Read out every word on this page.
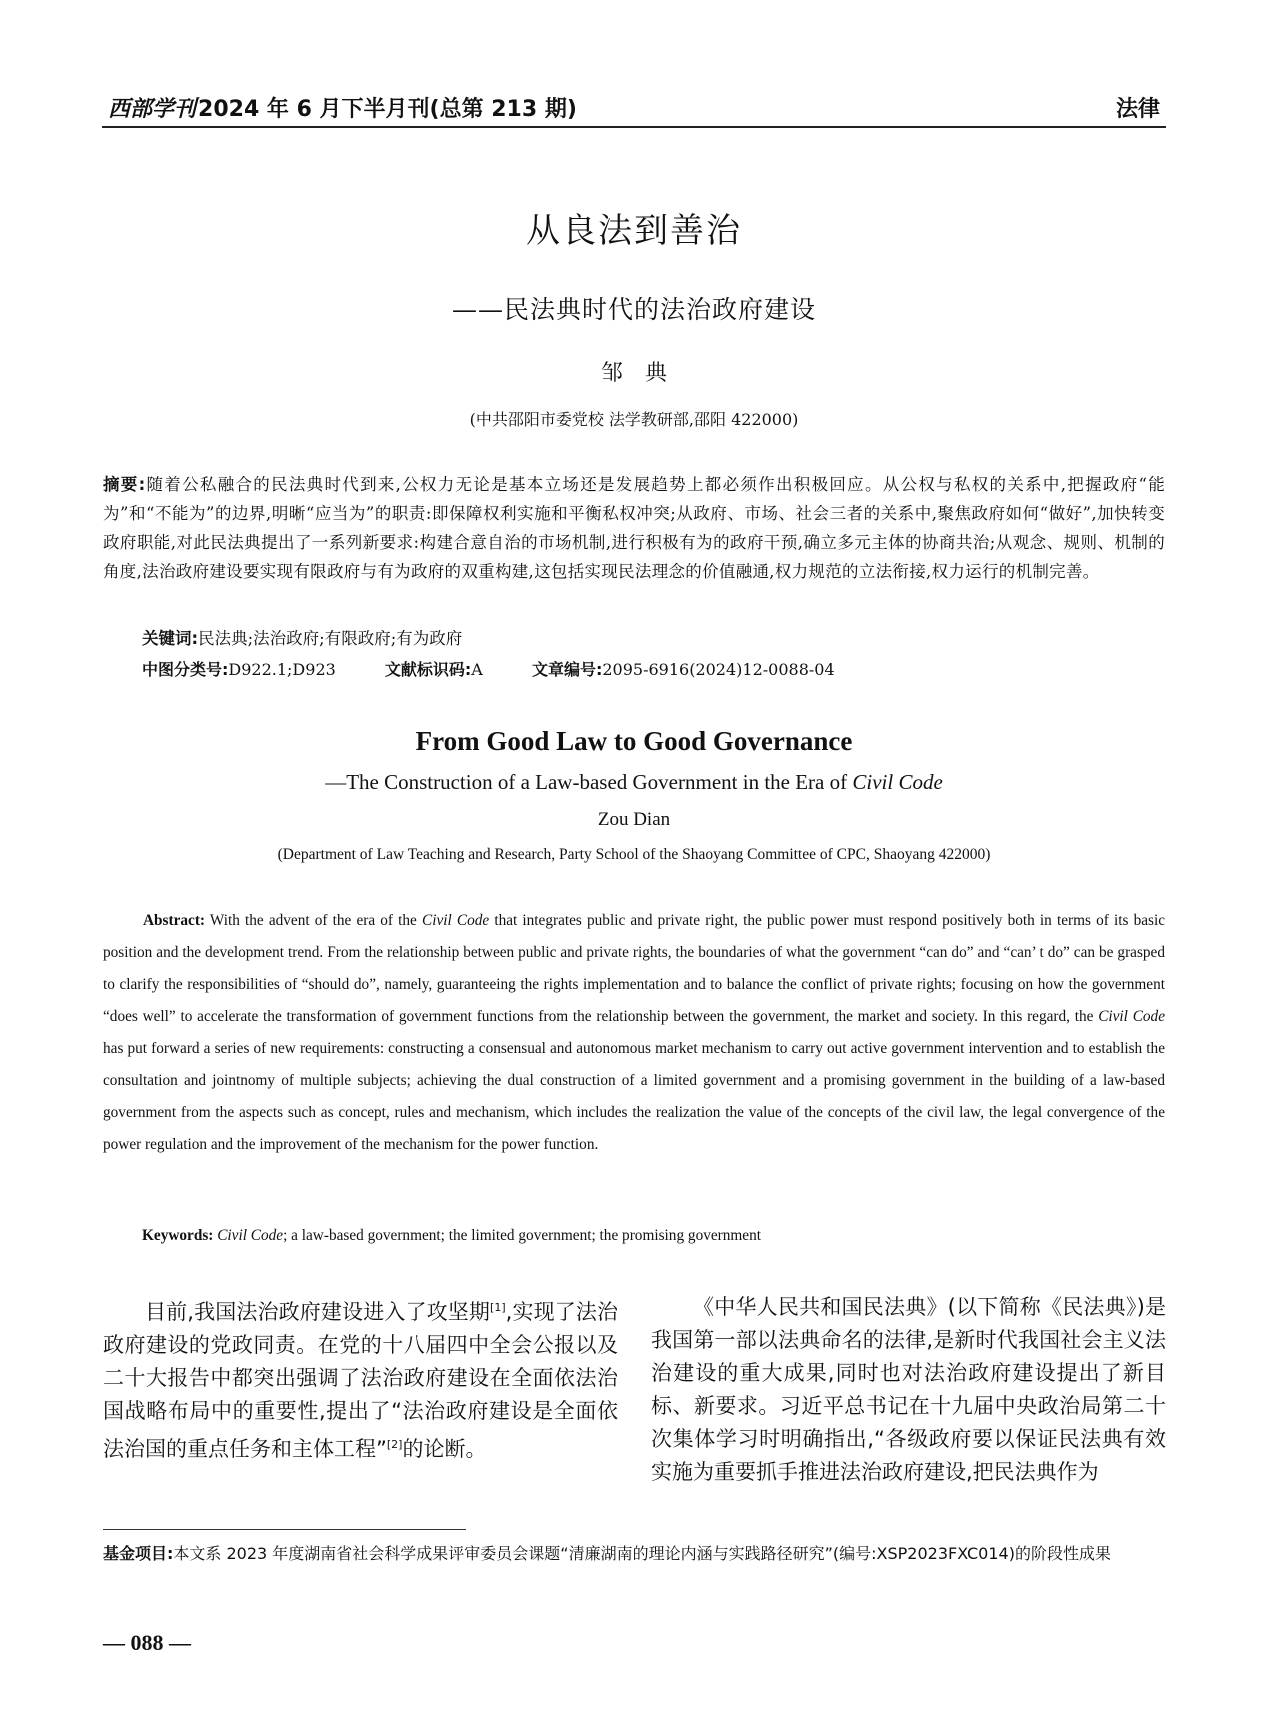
西部学刊2024 年 6 月下半月刊(总第 213 期)	法律
从良法到善治
——民法典时代的法治政府建设
邹　典
(中共邵阳市委党校 法学教研部,邵阳 422000)
摘要:随着公私融合的民法典时代到来,公权力无论是基本立场还是发展趋势上都必须作出积极回应。从公权与私权的关系中,把握政府“能为”和“不能为”的边界,明晰“应当为”的职责:即保障权利实施和平衡私权冲突;从政府、市场、社会三者的关系中,聚焦政府如何“做好”,加快转变政府职能,对此民法典提出了一系列新要求:构建合意自治的市场机制,进行积极有为的政府干预,确立多元主体的协商共治;从观念、规则、机制的角度,法治政府建设要实现有限政府与有为政府的双重构建,这包括实现民法理念的价值融通,权力规范的立法衔接,权力运行的机制完善。
关键词:民法典;法治政府;有限政府;有为政府
中图分类号:D922.1;D923	文献标识码:A	文章编号:2095-6916(2024)12-0088-04
From Good Law to Good Governance
—The Construction of a Law-based Government in the Era of Civil Code
Zou Dian
(Department of Law Teaching and Research, Party School of the Shaoyang Committee of CPC, Shaoyang 422000)
Abstract: With the advent of the era of the Civil Code that integrates public and private right, the public power must respond positively both in terms of its basic position and the development trend. From the relationship between public and private rights, the boundaries of what the government “can do” and “can’ t do” can be grasped to clarify the responsibilities of “should do”, namely, guaranteeing the rights implementation and to balance the conflict of private rights; focusing on how the government “does well” to accelerate the transformation of government functions from the relationship between the government, the market and society. In this regard, the Civil Code has put forward a series of new requirements: constructing a consensual and autonomous market mechanism to carry out active government intervention and to establish the consultation and jointnomy of multiple subjects; achieving the dual construction of a limited government and a promising government in the building of a law-based government from the aspects such as concept, rules and mechanism, which includes the realization the value of the concepts of the civil law, the legal convergence of the power regulation and the improvement of the mechanism for the power function.
Keywords: Civil Code; a law-based government; the limited government; the promising government
目前,我国法治政府建设进入了攻坚期[1],实现了法治政府建设的党政同责。在党的十八届四中全会公报以及二十大报告中都突出强调了法治政府建设在全面依法治国战略布局中的重要性,提出了“法治政府建设是全面依法治国的重点任务和主体工程”[2]的论断。
《中华人民共和国民法典》(以下简称《民法典》)是我国第一部以法典命名的法律,是新时代我国社会主义法治建设的重大成果,同时也对法治政府建设提出了新目标、新要求。习近平总书记在十九届中央政治局第二十次集体学习时明确指出,“各级政府要以保证民法典有效实施为重要抓手推进法治政府建设,把民法典作为
基金项目:本文系 2023 年度湖南省社会科学成果评审委员会课题“清廉湖南的理论内涵与实践路径研究”(编号:XSP2023FXC014)的阶段性成果
— 088 —
